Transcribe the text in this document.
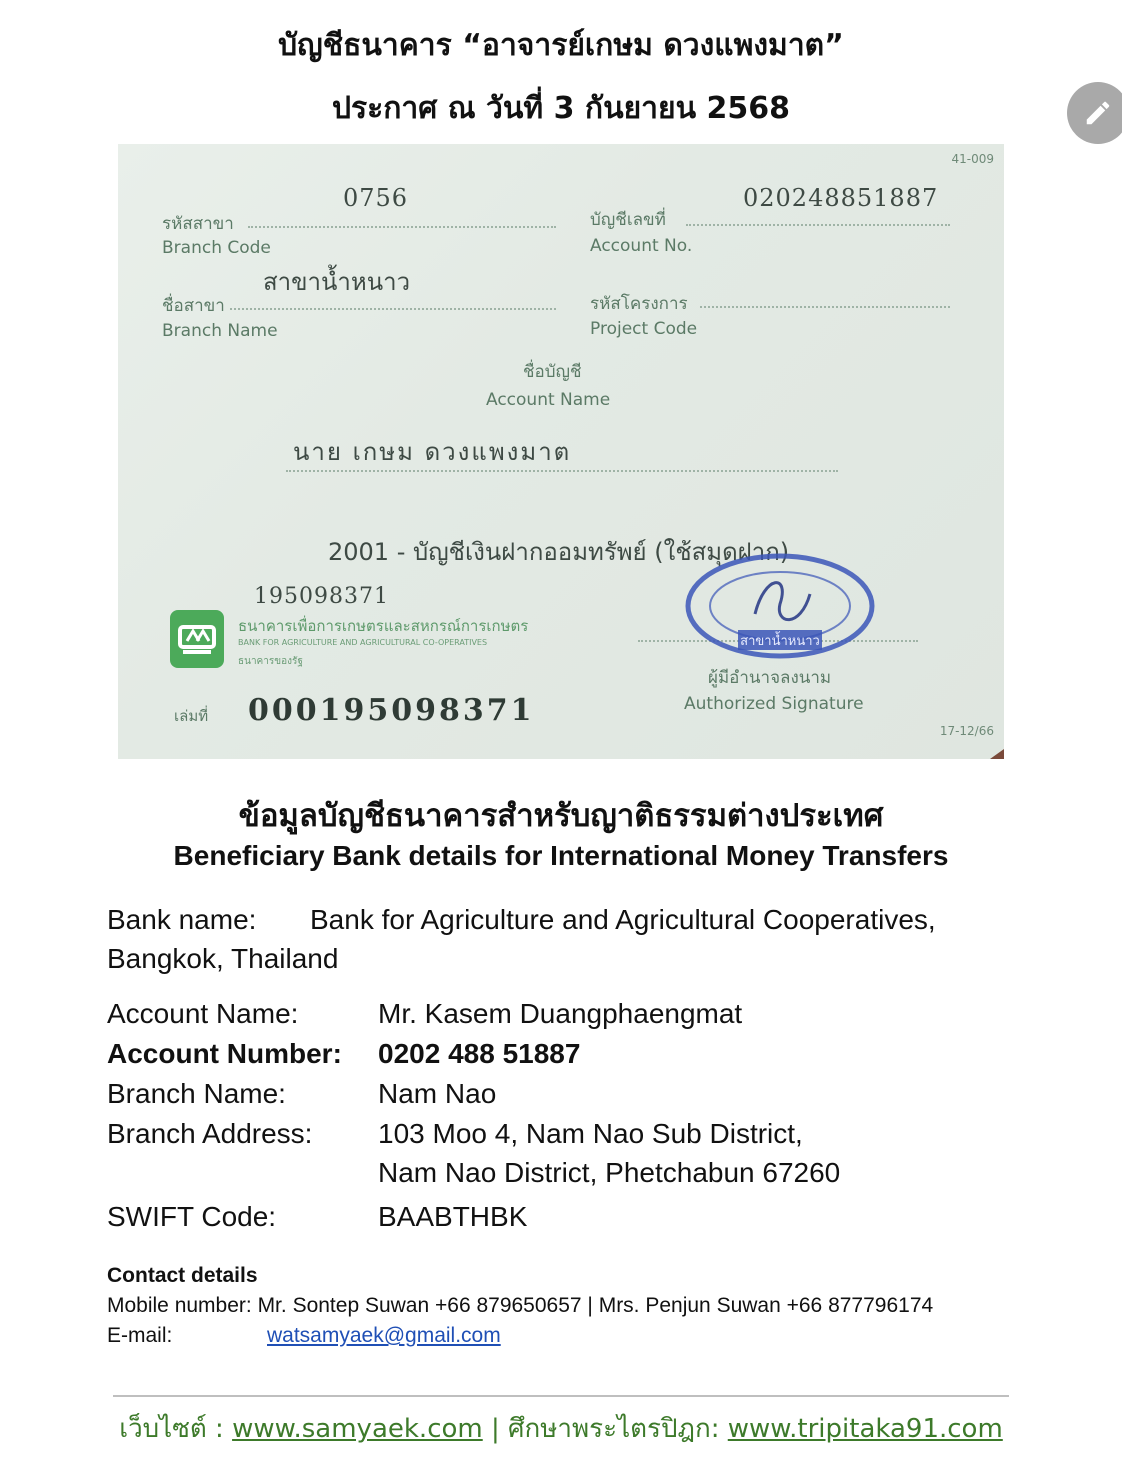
บัญชีธนาคาร “อาจารย์เกษม ดวงแพงมาต”
ประกาศ ณ วันที่ 3 กันยายน 2568
41-009
0756
รหัสสาขา
Branch Code
020248851887
บัญชีเลขที่
Account No.
สาขาน้ำหนาว
ชื่อสาขา
Branch Name
รหัสโครงการ
Project Code
ชื่อบัญชี
Account Name
นาย เกษม ดวงแพงมาต
2001 - บัญชีเงินฝากออมทรัพย์ (ใช้สมุดฝาก)
195098371
ธนาคารเพื่อการเกษตรและสหกรณ์การเกษตร
BANK FOR AGRICULTURE AND AGRICULTURAL CO-OPERATIVES
ธนาคารของรัฐ
เล่มที่ 000195098371
สาขาน้ำหนาว
ผู้มีอำนาจลงนาม
Authorized Signature
17-12/66
ข้อมูลบัญชีธนาคารสำหรับญาติธรรมต่างประเทศ
Beneficiary Bank details for International Money Transfers
Bank name: Bank for Agriculture and Agricultural Cooperatives,
Bangkok, Thailand
Account Name:	Mr. Kasem Duangphaengmat
Account Number: 0202 488 51887
Branch Name:	Nam Nao
Branch Address: 103 Moo 4, Nam Nao Sub District,
Nam Nao District, Phetchabun 67260
SWIFT Code:	BAABTHBK
Contact details
Mobile number: Mr. Sontep Suwan +66 879650657 | Mrs. Penjun Suwan +66 877796174
E-mail:	watsamyaek@gmail.com
เว็บไซต์ : www.samyaek.com | ศึกษาพระไตรปิฎก: www.tripitaka91.com
